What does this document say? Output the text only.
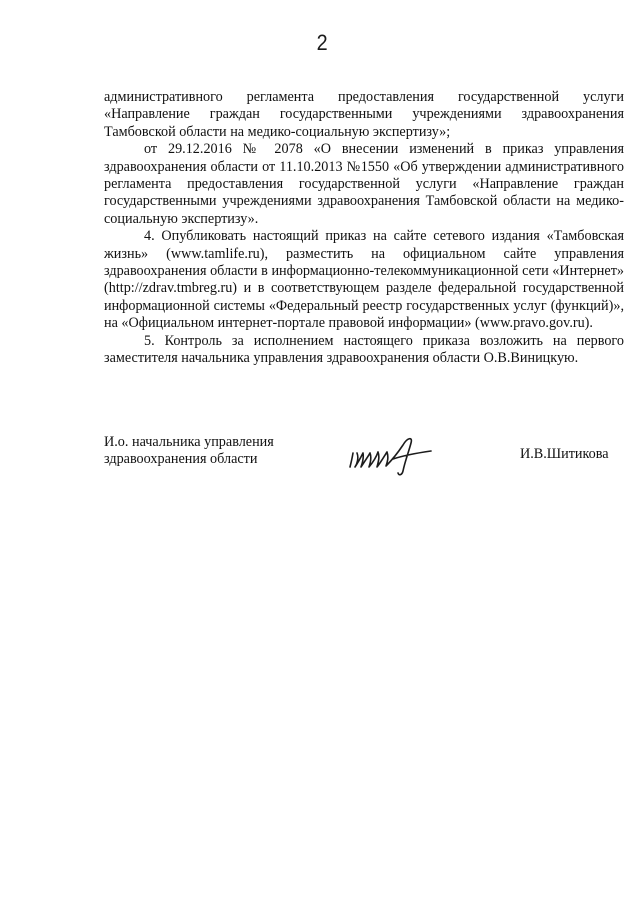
2

административного регламента предоставления государственной услуги «Направление граждан государственными учреждениями здравоохранения Тамбовской области на медико-социальную экспертизу»;

от 29.12.2016 № 2078 «О внесении изменений в приказ управления здравоохранения области от 11.10.2013 №1550 «Об утверждении административного регламента предоставления государственной услуги «Направление граждан государственными учреждениями здравоохранения Тамбовской области на медико-социальную экспертизу».

4. Опубликовать настоящий приказ на сайте сетевого издания «Тамбовская жизнь» (www.tamlife.ru), разместить на официальном сайте управления здравоохранения области в информационно-телекоммуникационной сети «Интернет» (http://zdrav.tmbreg.ru) и в соответствующем разделе федеральной государственной информационной системы «Федеральный реестр государственных услуг (функций)», на «Официальном интернет-портале правовой информации» (www.pravo.gov.ru).

5. Контроль за исполнением настоящего приказа возложить на первого заместителя начальника управления здравоохранения области О.В.Виницкую.

И.о. начальника управления
здравоохранения области	И.В.Шитикова
